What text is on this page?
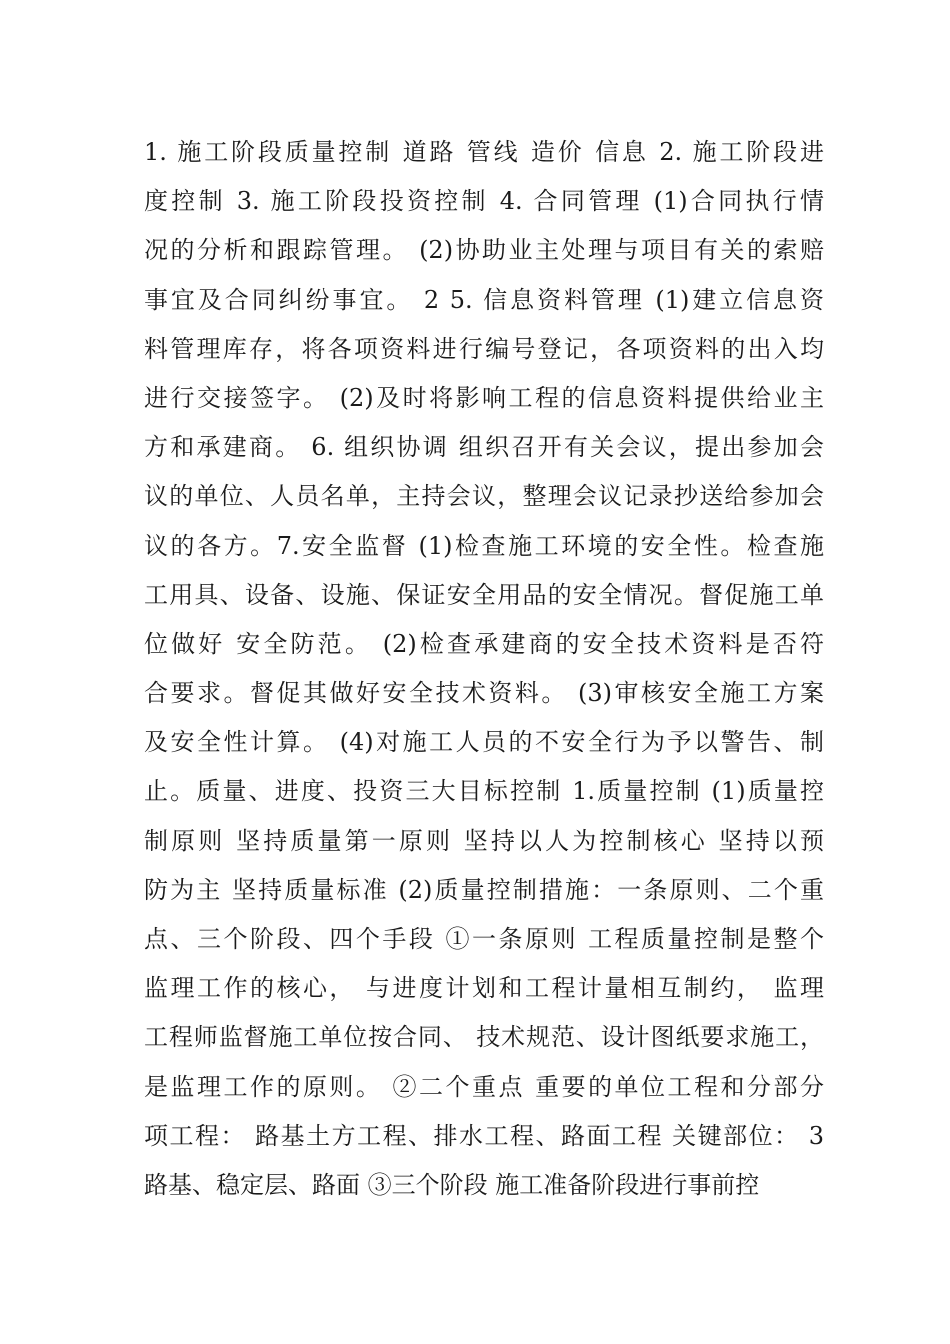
1. 施工阶段质量控制 道路 管线 造价 信息 2. 施工阶段进
度控制 3. 施工阶段投资控制 4. 合同管理 (1)合同执行情
况的分析和跟踪管理。 (2)协助业主处理与项目有关的索赔
事宜及合同纠纷事宜。 2 5. 信息资料管理 (1)建立信息资
料管理库存，将各项资料进行编号登记，各项资料的出入均
进行交接签字。 (2)及时将影响工程的信息资料提供给业主
方和承建商。 6. 组织协调 组织召开有关会议，提出参加会
议的单位、人员名单，主持会议，整理会议记录抄送给参加会
议的各方。7.安全监督 (1)检查施工环境的安全性。检查施
工用具、设备、设施、保证安全用品的安全情况。督促施工单
位做好 安全防范。 (2)检查承建商的安全技术资料是否符
合要求。督促其做好安全技术资料。 (3)审核安全施工方案
及安全性计算。 (4)对施工人员的不安全行为予以警告、制
止。质量、进度、投资三大目标控制 1.质量控制 (1)质量控
制原则 坚持质量第一原则 坚持以人为控制核心 坚持以预
防为主 坚持质量标准 (2)质量控制措施：一条原则、二个重
点、三个阶段、四个手段 ①一条原则 工程质量控制是整个
监理工作的核心， 与进度计划和工程计量相互制约， 监理
工程师监督施工单位按合同、 技术规范、设计图纸要求施工，
是监理工作的原则。 ②二个重点 重要的单位工程和分部分
项工程： 路基土方工程、排水工程、路面工程 关键部位： 3
路基、稳定层、路面 ③三个阶段 施工准备阶段进行事前控
